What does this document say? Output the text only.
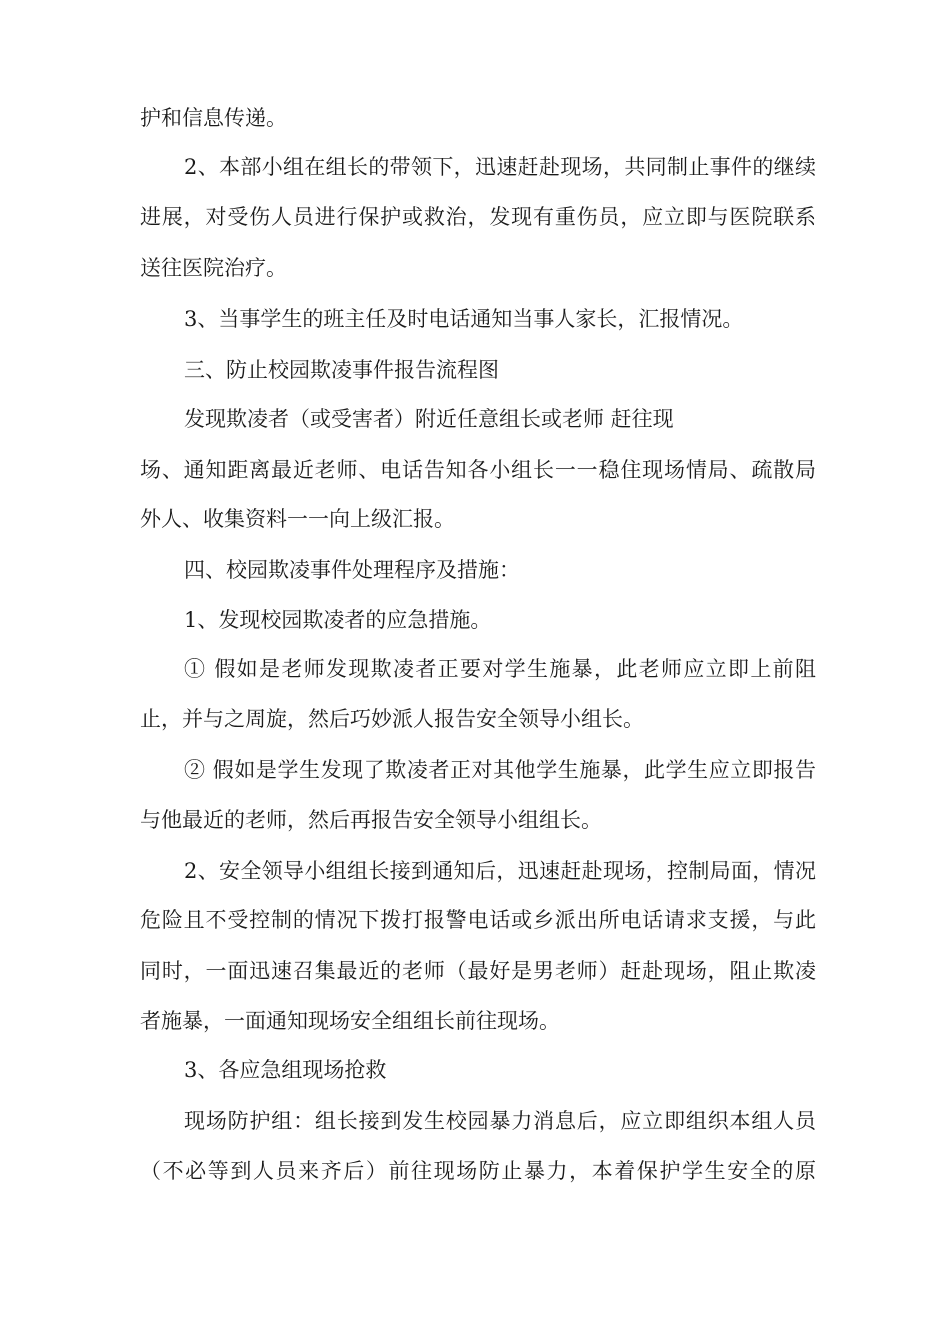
护和信息传递。
2、本部小组在组长的带领下，迅速赶赴现场，共同制止事件的继续
进展，对受伤人员进行保护或救治，发现有重伤员，应立即与医院联系
送往医院治疗。
3、当事学生的班主任及时电话通知当事人家长，汇报情况。
三、防止校园欺凌事件报告流程图
发现欺凌者（或受害者）附近任意组长或老师 赶往现
场、通知距离最近老师、电话告知各小组长一一稳住现场情局、疏散局
外人、收集资料一一向上级汇报。
四、校园欺凌事件处理程序及措施：
1、发现校园欺凌者的应急措施。
① 假如是老师发现欺凌者正要对学生施暴，此老师应立即上前阻
止，并与之周旋，然后巧妙派人报告安全领导小组长。
② 假如是学生发现了欺凌者正对其他学生施暴，此学生应立即报告
与他最近的老师，然后再报告安全领导小组组长。
2、安全领导小组组长接到通知后，迅速赶赴现场，控制局面，情况
危险且不受控制的情况下拨打报警电话或乡派出所电话请求支援，与此
同时，一面迅速召集最近的老师（最好是男老师）赶赴现场，阻止欺凌
者施暴，一面通知现场安全组组长前往现场。
3、各应急组现场抢救
现场防护组：组长接到发生校园暴力消息后，应立即组织本组人员
（不必等到人员来齐后）前往现场防止暴力，本着保护学生安全的原
